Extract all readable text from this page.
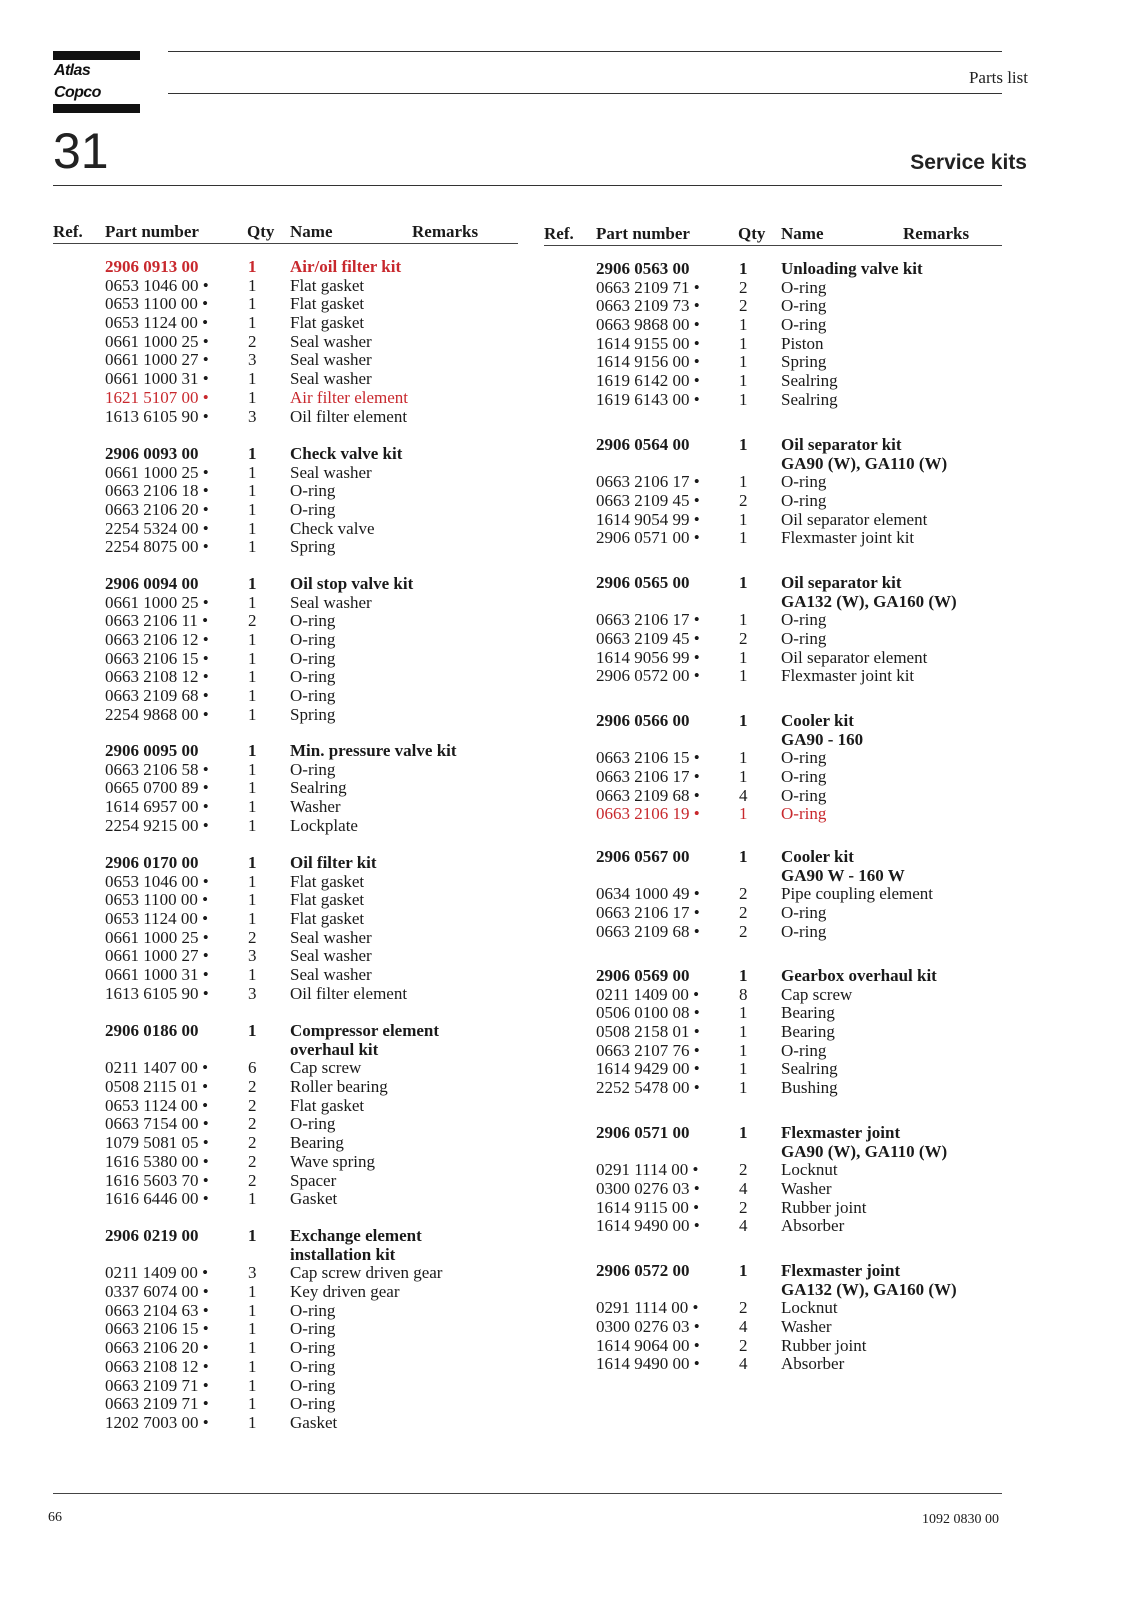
Atlas Copco
Parts list
31	Service kits
Ref. Part number	Qty Name	Remarks
2906 0913 00	1 Air/oil filter kit
0653 1046 00 • 1 Flat gasket
0653 1100 00 • 1 Flat gasket
0653 1124 00 • 1 Flat gasket
0661 1000 25 • 2 Seal washer
0661 1000 27 • 3 Seal washer
0661 1000 31 • 1 Seal washer
1621 5107 00 • 1 Air filter element
1613 6105 90 • 3 Oil filter element
2906 0093 00	1 Check valve kit
0661 1000 25 • 1 Seal washer
0663 2106 18 • 1 O-ring
0663 2106 20 • 1 O-ring
2254 5324 00 • 1 Check valve
2254 8075 00 • 1 Spring
2906 0094 00	1 Oil stop valve kit
0661 1000 25 • 1 Seal washer
0663 2106 11 • 2 O-ring
0663 2106 12 • 1 O-ring
0663 2106 15 • 1 O-ring
0663 2108 12 • 1 O-ring
0663 2109 68 • 1 O-ring
2254 9868 00 • 1 Spring
2906 0095 00	1 Min. pressure valve kit
0663 2106 58 • 1 O-ring
0665 0700 89 • 1 Sealring
1614 6957 00 • 1 Washer
2254 9215 00 • 1 Lockplate
2906 0170 00	1 Oil filter kit
0653 1046 00 • 1 Flat gasket
0653 1100 00 • 1 Flat gasket
0653 1124 00 • 1 Flat gasket
0661 1000 25 • 2 Seal washer
0661 1000 27 • 3 Seal washer
0661 1000 31 • 1 Seal washer
1613 6105 90 • 3 Oil filter element
2906 0186 00	1 Compressor element
overhaul kit
0211 1407 00 • 6 Cap screw
0508 2115 01 • 2 Roller bearing
0653 1124 00 • 2 Flat gasket
0663 7154 00 • 2 O-ring
1079 5081 05 • 2 Bearing
1616 5380 00 • 2 Wave spring
1616 5603 70 • 2 Spacer
1616 6446 00 • 1 Gasket
2906 0219 00	1 Exchange element
installation kit
0211 1409 00 • 3 Cap screw driven gear
0337 6074 00 • 1 Key driven gear
0663 2104 63 • 1 O-ring
0663 2106 15 • 1 O-ring
0663 2106 20 • 1 O-ring
0663 2108 12 • 1 O-ring
0663 2109 71 • 1 O-ring
0663 2109 71 • 1 O-ring
1202 7003 00 • 1 Gasket
Ref. Part number	Qty Name	Remarks
2906 0563 00	1 Unloading valve kit
0663 2109 71 • 2 O-ring
0663 2109 73 • 2 O-ring
0663 9868 00 • 1 O-ring
1614 9155 00 • 1 Piston
1614 9156 00 • 1 Spring
1619 6142 00 • 1 Sealring
1619 6143 00 • 1 Sealring
2906 0564 00	1 Oil separator kit
GA90 (W), GA110 (W)
0663 2106 17 • 1 O-ring
0663 2109 45 • 2 O-ring
1614 9054 99 • 1 Oil separator element
2906 0571 00 • 1 Flexmaster joint kit
2906 0565 00	1 Oil separator kit
GA132 (W), GA160 (W)
0663 2106 17 • 1 O-ring
0663 2109 45 • 2 O-ring
1614 9056 99 • 1 Oil separator element
2906 0572 00 • 1 Flexmaster joint kit
2906 0566 00	1 Cooler kit
GA90 - 160
0663 2106 15 • 1 O-ring
0663 2106 17 • 1 O-ring
0663 2109 68 • 4 O-ring
0663 2106 19 • 1 O-ring
2906 0567 00	1 Cooler kit
GA90 W - 160 W
0634 1000 49 • 2 Pipe coupling element
0663 2106 17 • 2 O-ring
0663 2109 68 • 2 O-ring
2906 0569 00	1 Gearbox overhaul kit
0211 1409 00 • 8 Cap screw
0506 0100 08 • 1 Bearing
0508 2158 01 • 1 Bearing
0663 2107 76 • 1 O-ring
1614 9429 00 • 1 Sealring
2252 5478 00 • 1 Bushing
2906 0571 00	1 Flexmaster joint
GA90 (W), GA110 (W)
0291 1114 00 • 2 Locknut
0300 0276 03 • 4 Washer
1614 9115 00 • 2 Rubber joint
1614 9490 00 • 4 Absorber
2906 0572 00	1 Flexmaster joint
GA132 (W), GA160 (W)
0291 1114 00 • 2 Locknut
0300 0276 03 • 4 Washer
1614 9064 00 • 2 Rubber joint
1614 9490 00 • 4 Absorber
66	1092 0830 00
